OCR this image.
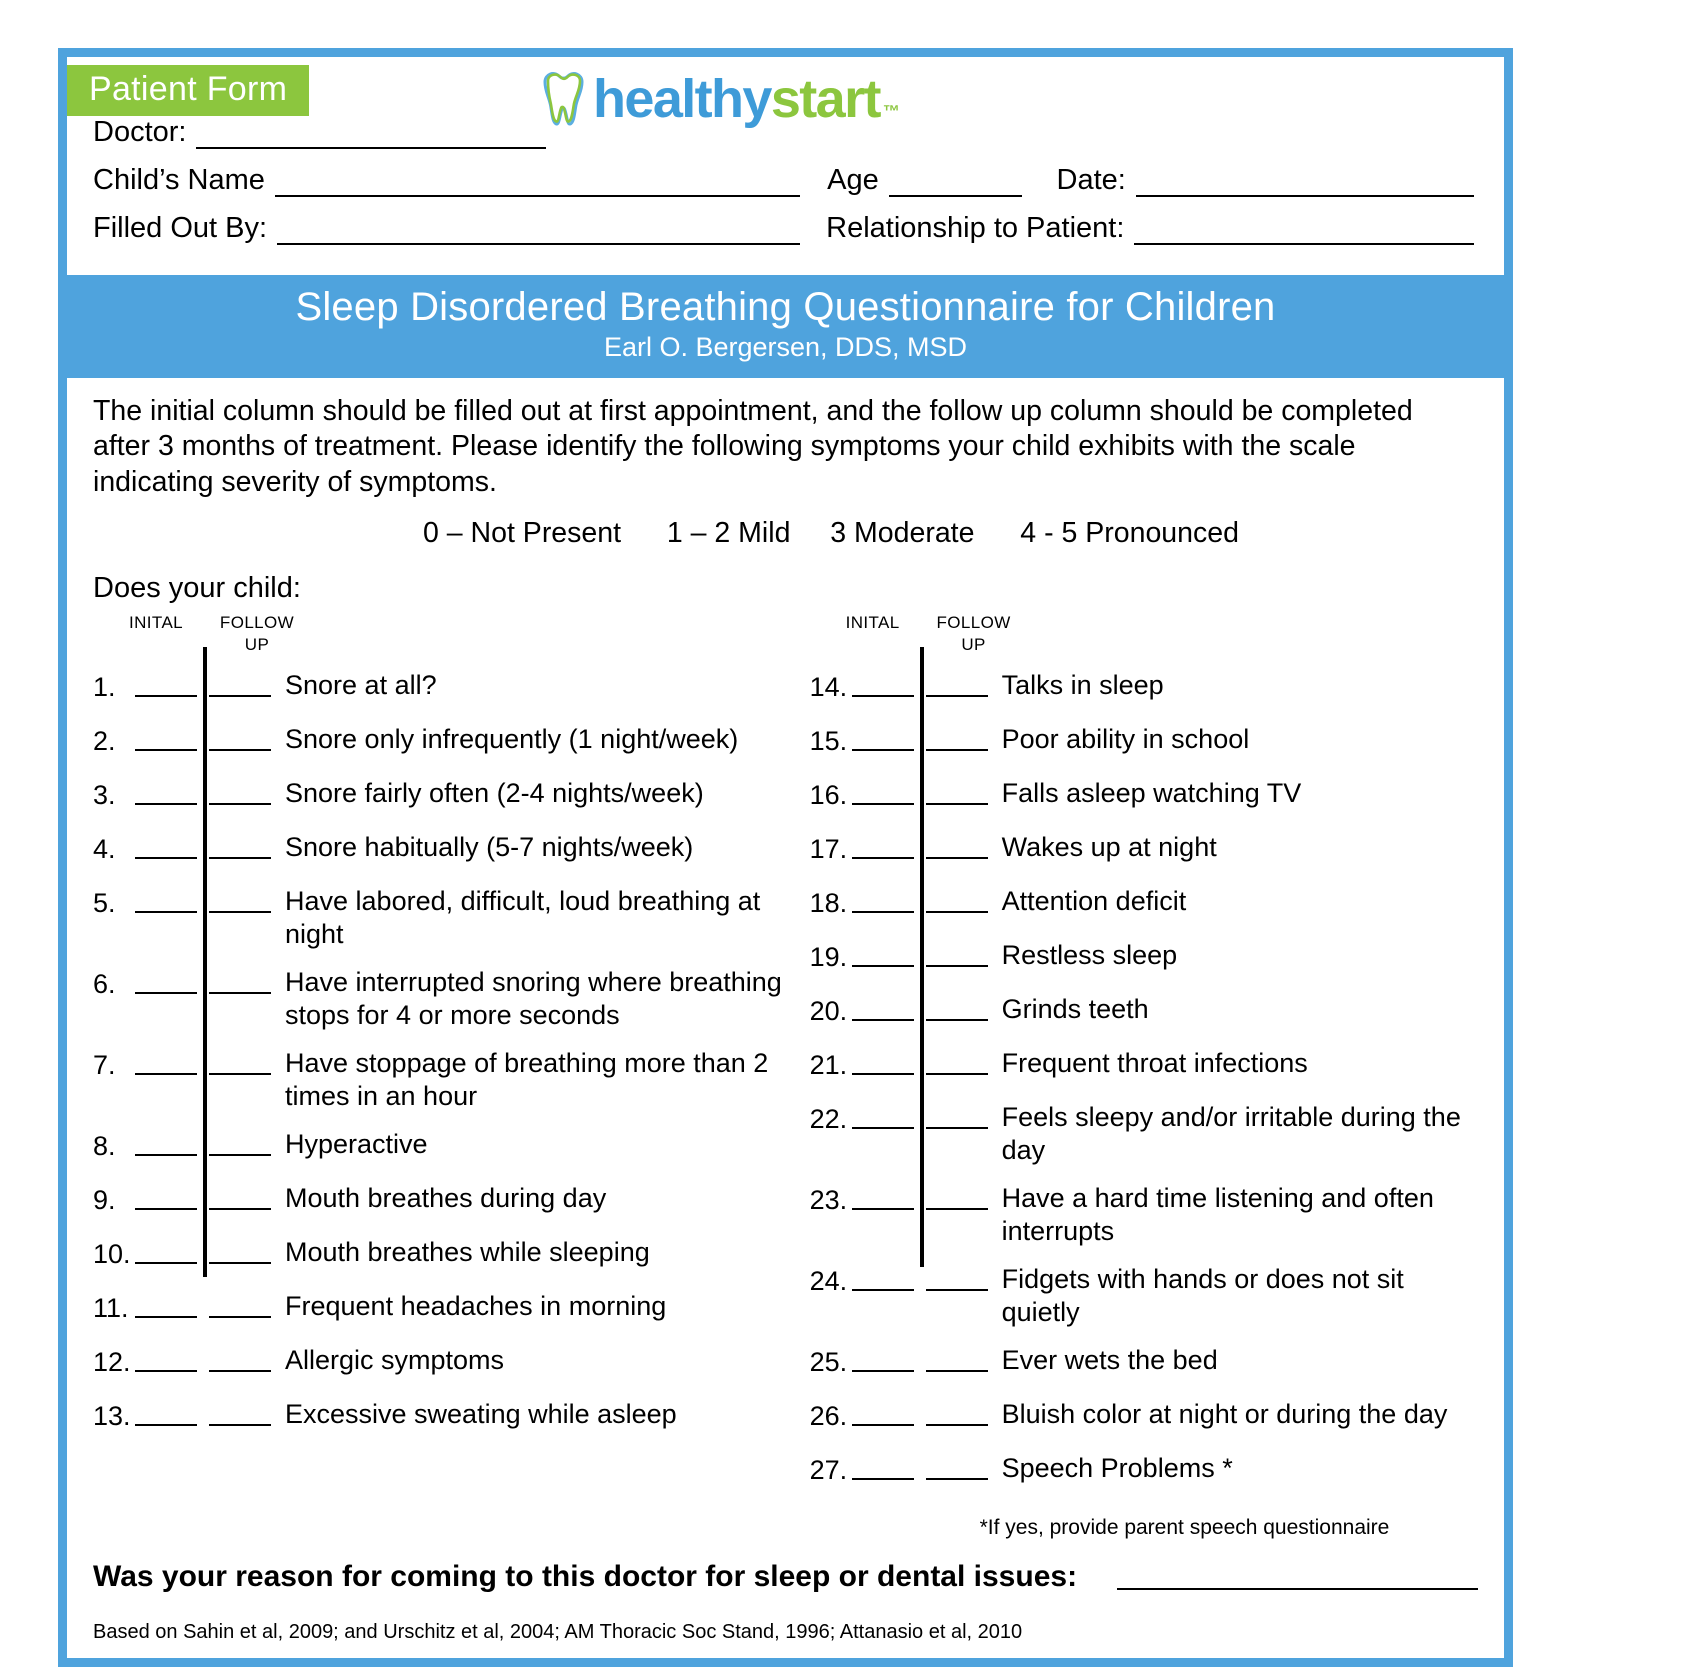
Patient Form	healthy start ™
Doctor:
Child’s Name	Age	Date:
Filled Out By:	Relationship to Patient:
Sleep Disordered Breathing Questionnaire for Children
Earl O. Bergersen, DDS, MSD
The initial column should be filled out at first appointment, and the follow up column should be completed after 3 months of treatment. Please identify the following symptoms your child exhibits with the scale indicating severity of symptoms.
0 – Not Present 1 – 2 Mild 3 Moderate 4 - 5 Pronounced
Does your child:
INITAL	FOLLOW
UP
1.	Snore at all?
2.	Snore only infrequently (1 night/week)
3.	Snore fairly often (2-4 nights/week)
4.	Snore habitually (5-7 nights/week)
5.	Have labored, difficult, loud breathing at night
6.	Have interrupted snoring where breathing stops for 4 or more seconds
7.	Have stoppage of breathing more than 2 times in an hour
8.	Hyperactive
9.	Mouth breathes during day
10.	Mouth breathes while sleeping
11.	Frequent headaches in morning
12.	Allergic symptoms
13.	Excessive sweating while asleep
INITAL	FOLLOW
UP
14.	Talks in sleep
15.	Poor ability in school
16.	Falls asleep watching TV
17.	Wakes up at night
18.	Attention deficit
19.	Restless sleep
20.	Grinds teeth
21.	Frequent throat infections
22.	Feels sleepy and/or irritable during the day
23.	Have a hard time listening and often interrupts
24.	Fidgets with hands or does not sit quietly
25.	Ever wets the bed
26.	Bluish color at night or during the day
27.	Speech Problems *
*If yes, provide parent speech questionnaire
Was your reason for coming to this doctor for sleep or dental issues:
Based on Sahin et al, 2009; and Urschitz et al, 2004; AM Thoracic Soc Stand, 1996; Attanasio et al, 2010
